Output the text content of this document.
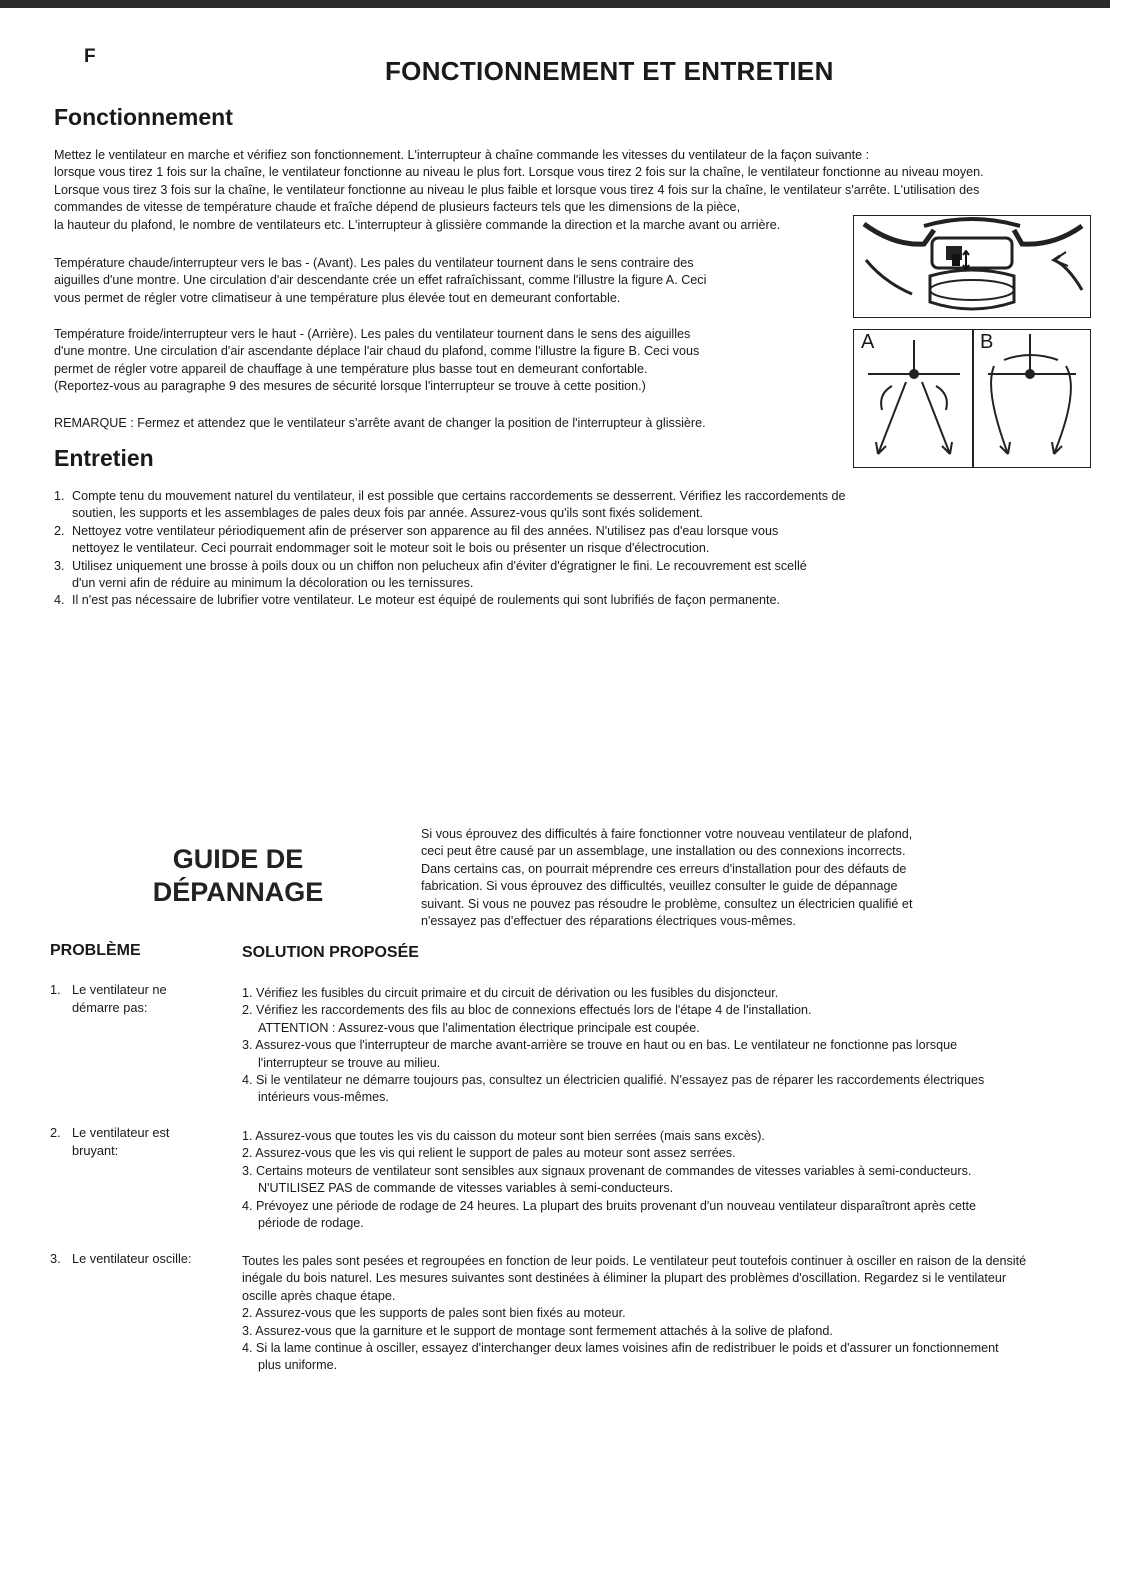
F	FONCTIONNEMENT ET ENTRETIEN
Fonctionnement
Mettez le ventilateur en marche et vérifiez son fonctionnement. L'interrupteur à chaîne commande les vitesses du ventilateur de la façon suivante :
lorsque vous tirez 1 fois sur la chaîne, le ventilateur fonctionne au niveau le plus fort. Lorsque vous tirez 2 fois sur la chaîne, le ventilateur fonctionne au niveau moyen.
Lorsque vous tirez 3 fois sur la chaîne, le ventilateur fonctionne au niveau le plus faible et lorsque vous tirez 4 fois sur la chaîne, le ventilateur s'arrête. L'utilisation des
commandes de vitesse de température chaude et fraîche dépend de plusieurs facteurs tels que les dimensions de la pièce,
la hauteur du plafond, le nombre de ventilateurs etc. L'interrupteur à glissière commande la direction et la marche avant ou arrière.
Température chaude/interrupteur vers le bas - (Avant). Les pales du ventilateur tournent dans le sens contraire des
aiguilles d'une montre. Une circulation d'air descendante crée un effet rafraîchissant, comme l'illustre la figure A. Ceci
vous permet de régler votre climatiseur à une température plus élevée tout en demeurant confortable.
Température froide/interrupteur vers le haut - (Arrière). Les pales du ventilateur tournent dans le sens des aiguilles
d'une montre. Une circulation d'air ascendante déplace l'air chaud du plafond, comme l'illustre la figure B. Ceci vous
permet de régler votre appareil de chauffage à une température plus basse tout en demeurant confortable.
(Reportez-vous au paragraphe 9 des mesures de sécurité lorsque l'interrupteur se trouve à cette position.)
REMARQUE : Fermez et attendez que le ventilateur s'arrête avant de changer la position de l'interrupteur à glissière.
A	B
Entretien
1. Compte tenu du mouvement naturel du ventilateur, il est possible que certains raccordements se desserrent. Vérifiez les raccordements de
soutien, les supports et les assemblages de pales deux fois par année. Assurez-vous qu'ils sont fixés solidement.
2. Nettoyez votre ventilateur périodiquement afin de préserver son apparence au fil des années. N'utilisez pas d'eau lorsque vous
nettoyez le ventilateur. Ceci pourrait endommager soit le moteur soit le bois ou présenter un risque d'électrocution.
3. Utilisez uniquement une brosse à poils doux ou un chiffon non pelucheux afin d'éviter d'égratigner le fini. Le recouvrement est scellé
d'un verni afin de réduire au minimum la décoloration ou les ternissures.
4. Il n'est pas nécessaire de lubrifier votre ventilateur. Le moteur est équipé de roulements qui sont lubrifiés de façon permanente.
GUIDE DE
DÉPANNAGE
Si vous éprouvez des difficultés à faire fonctionner votre nouveau ventilateur de plafond,
ceci peut être causé par un assemblage, une installation ou des connexions incorrects.
Dans certains cas, on pourrait méprendre ces erreurs d'installation pour des défauts de
fabrication. Si vous éprouvez des difficultés, veuillez consulter le guide de dépannage
suivant. Si vous ne pouvez pas résoudre le problème, consultez un électricien qualifié et
n'essayez pas d'effectuer des réparations électriques vous-mêmes.
PROBLÈME	SOLUTION PROPOSÉE
1. Le ventilateur ne
démarre pas:
1. Vérifiez les fusibles du circuit primaire et du circuit de dérivation ou les fusibles du disjoncteur.
2. Vérifiez les raccordements des fils au bloc de connexions effectués lors de l'étape 4 de l'installation.
ATTENTION : Assurez-vous que l'alimentation électrique principale est coupée.
3. Assurez-vous que l'interrupteur de marche avant-arrière se trouve en haut ou en bas. Le ventilateur ne fonctionne pas lorsque
l'interrupteur se trouve au milieu.
4. Si le ventilateur ne démarre toujours pas, consultez un électricien qualifié. N'essayez pas de réparer les raccordements électriques
intérieurs vous-mêmes.
2. Le ventilateur est
bruyant:
1. Assurez-vous que toutes les vis du caisson du moteur sont bien serrées (mais sans excès).
2. Assurez-vous que les vis qui relient le support de pales au moteur sont assez serrées.
3. Certains moteurs de ventilateur sont sensibles aux signaux provenant de commandes de vitesses variables à semi-conducteurs.
N'UTILISEZ PAS de commande de vitesses variables à semi-conducteurs.
4. Prévoyez une période de rodage de 24 heures. La plupart des bruits provenant d'un nouveau ventilateur disparaîtront après cette
période de rodage.
3. Le ventilateur oscille:	Toutes les pales sont pesées et regroupées en fonction de leur poids. Le ventilateur peut toutefois continuer à osciller en raison de la densité
inégale du bois naturel. Les mesures suivantes sont destinées à éliminer la plupart des problèmes d'oscillation. Regardez si le ventilateur
oscille après chaque étape.
2. Assurez-vous que les supports de pales sont bien fixés au moteur.
3. Assurez-vous que la garniture et le support de montage sont fermement attachés à la solive de plafond.
4. Si la lame continue à osciller, essayez d'interchanger deux lames voisines afin de redistribuer le poids et d'assurer un fonctionnement
plus uniforme.
